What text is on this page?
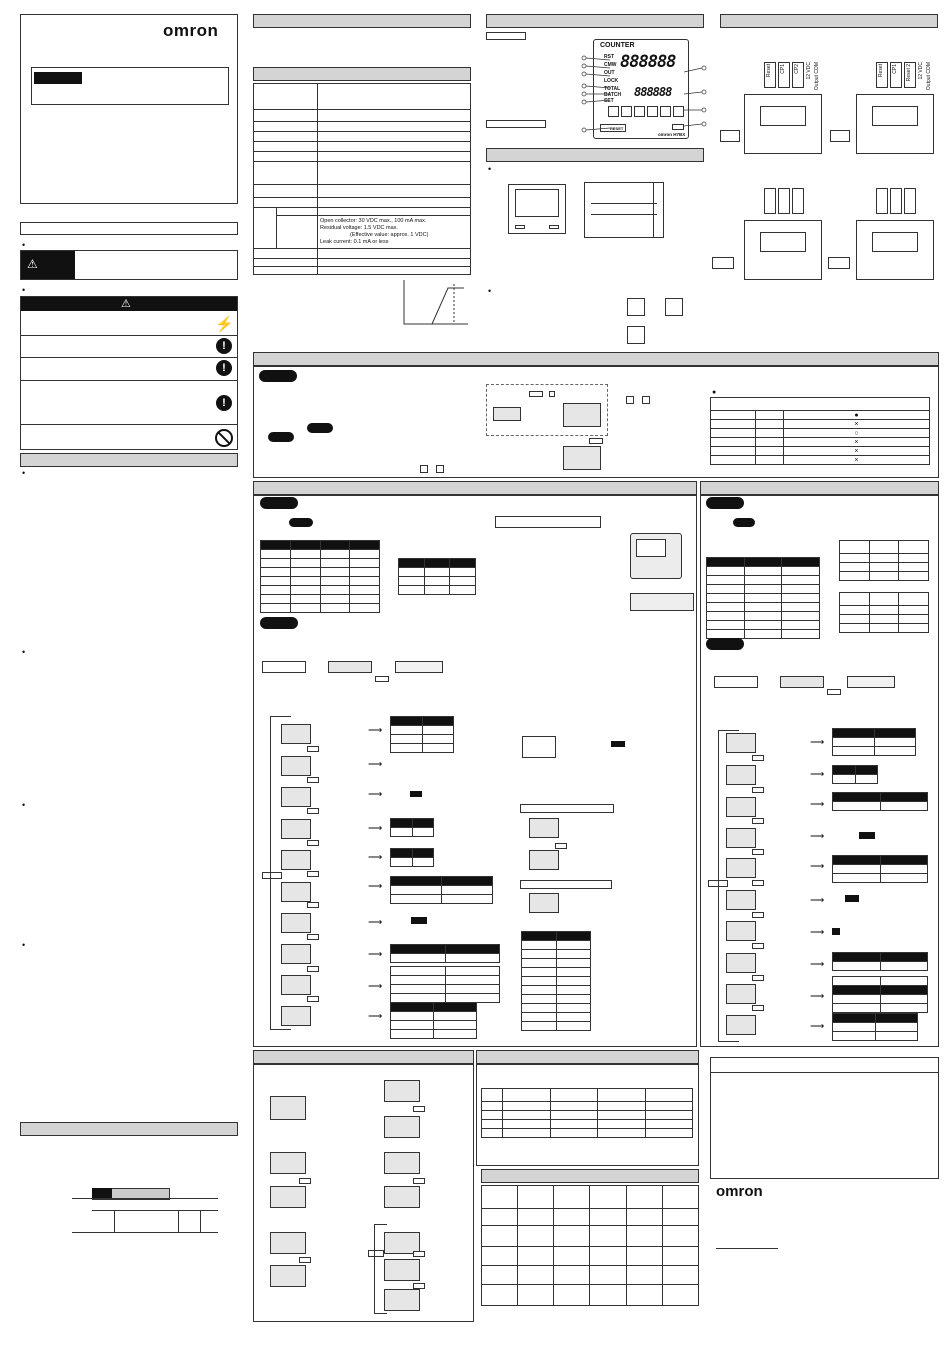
omron
•
⚠
•
⚠
⚡
!
!
!
•
•
•
•
Open collector: 30 VDC max., 100 mA max.
Residual voltage: 1.5 VDC max.
(Effective value: approx. 1 VDC)
Leak current: 0.1 mA or less
COUNTER
RST
CMW
OUT
LOCK
888888
TOTAL
BATCH
SET
888888
RESET
omron H7BX
•
•
Reset CP1 CP2 12 VDC Output COM	Reset CP1 Reset 2 12 VDC Output COM

		●
		×
		○
		×
		×
		×
●

⟶

⟶
⟶
⟶

⟶

⟶

⟶
⟶

⟶

⟶

⟶

⟶

⟶

⟶
⟶

⟶
⟶
⟶

⟶

⟶

omron
